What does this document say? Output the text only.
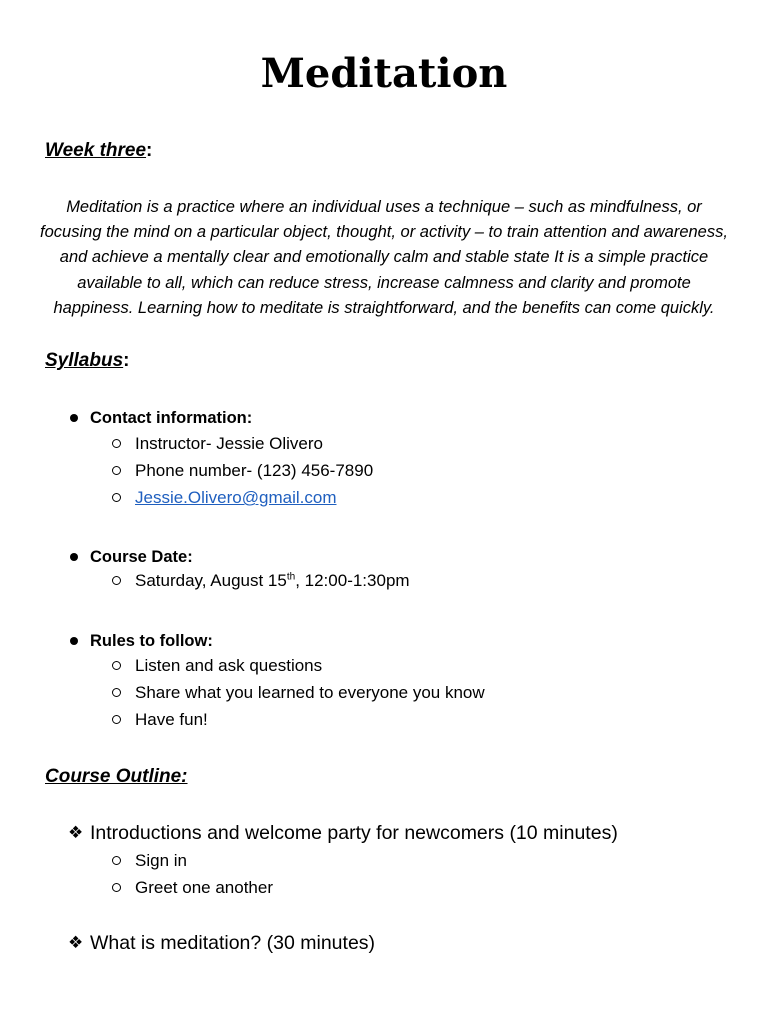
Meditation
Week three:

Meditation is a practice where an individual uses a technique – such as mindfulness, or focusing the mind on a particular object, thought, or activity – to train attention and awareness, and achieve a mentally clear and emotionally calm and stable state It is a simple practice available to all, which can reduce stress, increase calmness and clarity and promote happiness. Learning how to meditate is straightforward, and the benefits can come quickly.

Syllabus:
Contact information:
Instructor- Jessie Olivero
Phone number- (123) 456-7890
Jessie.Olivero@gmail.com
Course Date:
Saturday, August 15th, 12:00-1:30pm
Rules to follow:
Listen and ask questions
Share what you learned to everyone you know
Have fun!
Course Outline:
❖ Introductions and welcome party for newcomers (10 minutes)
Sign in
Greet one another
❖ What is meditation? (30 minutes)
